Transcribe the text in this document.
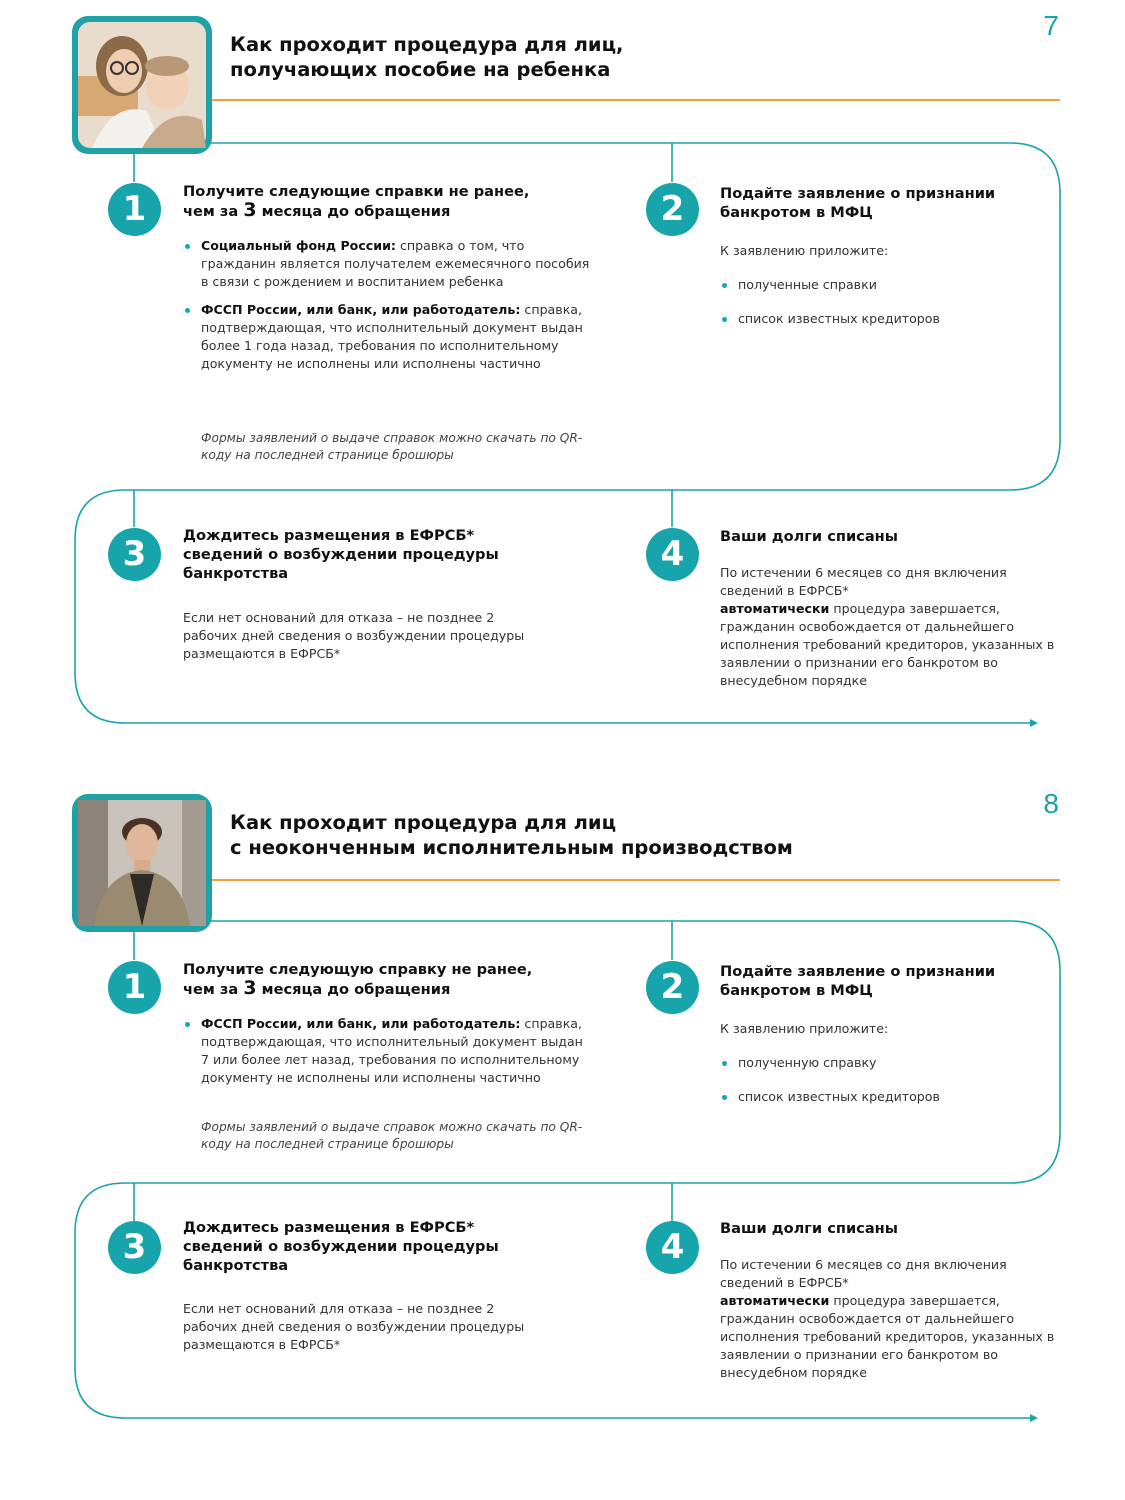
7
Как проходит процедура для лиц,
получающих пособие на ребенка
1	Получите следующие справки не ранее,
чем за 3 месяца до обращения
Социальный фонд России: справка о том, что гражданин является получателем ежемесячного пособия в связи с рождением и воспитанием ребенка
ФССП России, или банк, или работодатель: справка, подтверждающая, что исполнительный документ выдан более 1 года назад, требования по исполнительному документу не исполнены или исполнены частично
Формы заявлений о выдаче справок можно скачать по QR-коду на последней странице брошюры
2	Подайте заявление о признании банкротом в МФЦ
К заявлению приложите:
полученные справки
список известных кредиторов
3	Дождитесь размещения в ЕФРСБ* сведений о возбуждении процедуры банкротства
Если нет оснований для отказа – не позднее 2 рабочих дней сведения о возбуждении процедуры размещаются в ЕФРСБ*
4	Ваши долги списаны
По истечении 6 месяцев со дня включения сведений в ЕФРСБ*
автоматически процедура завершается, гражданин освобождается от дальнейшего исполнения требований кредиторов, указанных в заявлении о признании его банкротом во внесудебном порядке
8
Как проходит процедура для лиц
с неоконченным исполнительным производством
1	Получите следующую справку не ранее,
чем за 3 месяца до обращения
ФССП России, или банк, или работодатель: справка, подтверждающая, что исполнительный документ выдан 7 или более лет назад, требования по исполнительному документу не исполнены или исполнены частично
Формы заявлений о выдаче справок можно скачать по QR-коду на последней странице брошюры
2	Подайте заявление о признании банкротом в МФЦ
К заявлению приложите:
полученную справку
список известных кредиторов
3	Дождитесь размещения в ЕФРСБ* сведений о возбуждении процедуры банкротства
Если нет оснований для отказа – не позднее 2 рабочих дней сведения о возбуждении процедуры размещаются в ЕФРСБ*
4	Ваши долги списаны
По истечении 6 месяцев со дня включения сведений в ЕФРСБ*
автоматически процедура завершается, гражданин освобождается от дальнейшего исполнения требований кредиторов, указанных в заявлении о признании его банкротом во внесудебном порядке
